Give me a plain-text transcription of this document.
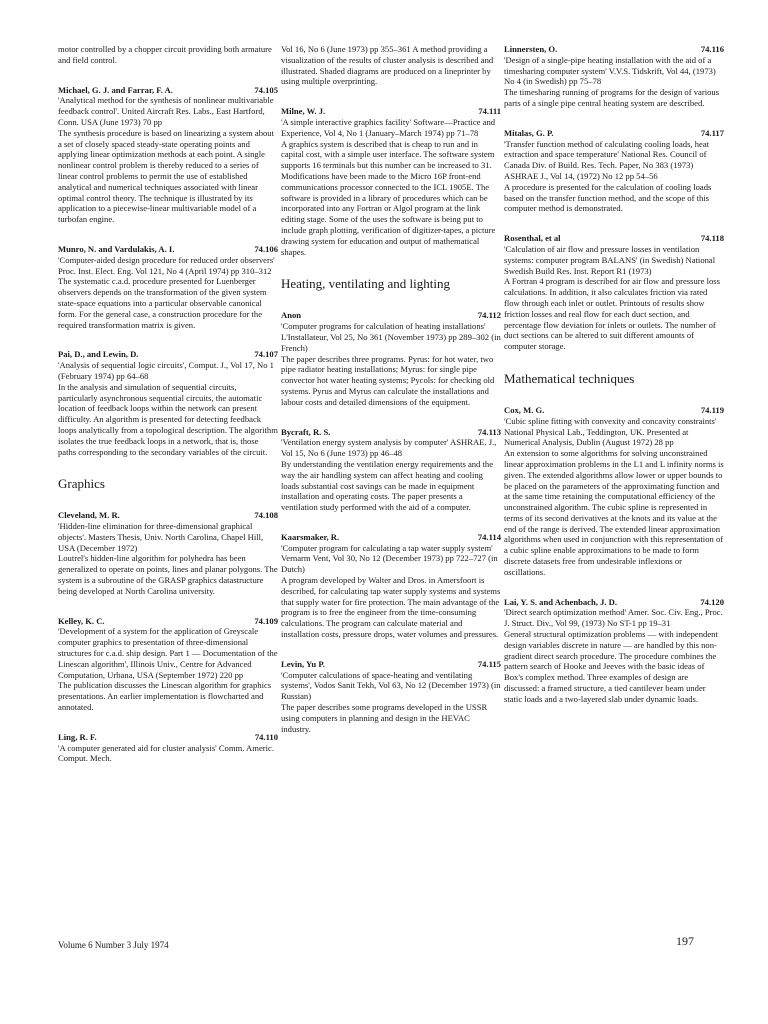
motor controlled by a chopper circuit providing both armature and field control.

Michael, G. J. and Farrar, F. A.	74.105

'Analytical method for the synthesis of nonlinear multivariable feedback control'. United Aircraft Res. Labs., East Hartford, Conn. USA (June 1973) 70 pp

The synthesis procedure is based on linearizing a system about a set of closely spaced steady-state operating points and applying linear optimization methods at each point. A single nonlinear control problem is thereby reduced to a series of linear control problems to permit the use of established analytical and numerical techniques associated with linear optimal control theory. The technique is illustrated by its application to a piecewise-linear multivariable model of a turbofan engine.

Munro, N. and Vardulakis, A. I.	74.106

'Computer-aided design procedure for reduced order observers' Proc. Inst. Elect. Eng. Vol 121, No 4 (April 1974) pp 310–312

The systematic c.a.d. procedure presented for Luenberger observers depends on the transformation of the given system state-space equations into a particular observable canonical form. For the general case, a construction procedure for the required transformation matrix is given.

Pai, D., and Lewin, D.	74.107

'Analysis of sequential logic circuits', Comput. J., Vol 17, No 1 (February 1974) pp 64–68

In the analysis and simulation of sequential circuits, particularly asynchronous sequential circuits, the automatic location of feedback loops within the network can present difficulty. An algorithm is presented for detecting feedback loops analytically from a topological description. The algorithm isolates the true feedback loops in a network, that is, those paths corresponding to the secondary variables of the circuit.

Graphics
Cleveland, M. R.	74.108

'Hidden-line elimination for three-dimensional graphical objects'. Masters Thesis, Univ. North Carolina, Chapel Hill, USA (December 1972)

Loutrel's hidden-line algorithm for polyhedra has been generalized to operate on points, lines and planar polygons. The system is a subroutine of the GRASP graphics datastructure being developed at North Carolina university.

Kelley, K. C.	74.109

'Development of a system for the application of Greyscale computer graphics to presentation of three-dimensional structures for c.a.d. ship design. Part 1 — Documentation of the Linescan algorithm', Illinois Univ., Centre for Advanced Computation, Urbana, USA (September 1972) 220 pp

The publication discusses the Linescan algorithm for graphics presentations. An earlier implementation is flowcharted and annotated.

Ling, R. F.	74.110

'A computer generated aid for cluster analysis' Comm. Americ. Comput. Mech.

Vol 16, No 6 (June 1973) pp 355–361 A method providing a visualization of the results of cluster analysis is described and illustrated. Shaded diagrams are produced on a lineprinter by using multiple overprinting.

Milne, W. J.	74.111

'A simple interactive graphics facility' Software—Practice and Experience, Vol 4, No 1 (January–March 1974) pp 71–78

A graphics system is described that is cheap to run and in capital cost, with a simple user interface. The software system supports 16 terminals but this number can be increased to 31. Modifications have been made to the Micro 16P front-end communications processor connected to the ICL 1905E. The software is provided in a library of procedures which can be incorporated into any Fortran or Algol program at the link editing stage. Some of the uses the software is being put to include graph plotting, verification of digitizer-tapes, a picture drawing system for education and output of mathematical shapes.

Heating, ventilating and lighting
Anon	74.112

'Computer programs for calculation of heating installations' L'Installateur, Vol 25, No 361 (November 1973) pp 289–302 (in French)

The paper describes three programs. Pyrus: for hot water, two pipe radiator heating installations; Myrus: for single pipe convector hot water heating systems; Pycols: for checking old systems. Pyrus and Myrus can calculate the installations and labour costs and detailed dimensions of the equipment.

Bycraft, R. S.	74.113

'Ventilation energy system analysis by computer' ASHRAE. J., Vol 15, No 6 (June 1973) pp 46–48

By understanding the ventilation energy requirements and the way the air handling system can affect heating and cooling loads substantial cost savings can be made in equipment installation and operating costs. The paper presents a ventilation study performed with the aid of a computer.

Kaarsmaker, R.	74.114

'Computer program for calculating a tap water supply system' Vernarm Vent, Vol 30, No 12 (December 1973) pp 722–727 (in Dutch)

A program developed by Walter and Dros. in Amersfoort is described, for calculating tap water supply systems and systems that supply water for fire protection. The main advantage of the program is to free the engineer from the time-consuming calculations. The program can calculate material and installation costs, pressure drops, water volumes and pressures.

Levin, Yu P.	74.115

'Computer calculations of space-heating and ventilating systems', Vodos Sanit Tekh, Vol 63, No 12 (December 1973) (in Russian)

The paper describes some programs developed in the USSR using computers in planning and design in the HEVAC industry.

Linnersten, O.	74.116

'Design of a single-pipe heating installation with the aid of a timesharing computer system' V.V.S. Tidskrift, Vol 44, (1973) No 4 (in Swedish) pp 75–78

The timesharing running of programs for the design of various parts of a single pipe central heating system are described.

Mitalas, G. P.	74.117

'Transfer function method of calculating cooling loads, heat extraction and space temperature' National Res. Council of Canada Div. of Build. Res. Tech. Paper, No 383 (1973) ASHRAE J., Vol 14, (1972) No 12 pp 54–56

A procedure is presented for the calculation of cooling loads based on the transfer function method, and the scope of this computer method is demonstrated.

Rosenthal, et al	74.118

'Calculation of air flow and pressure losses in ventilation systems: computer program BALANS' (in Swedish) National Swedish Build Res. Inst. Report R1 (1973)

A Fortran 4 program is described for air flow and pressure loss calculations. In addition, it also calculates friction via rated flow through each inlet or outlet. Printouts of results show friction losses and real flow for each duct section, and percentage flow deviation for inlets or outlets. The number of duct sections can be altered to suit different amounts of computer storage.

Mathematical techniques
Cox, M. G.	74.119

'Cubic spline fitting with convexity and concavity constraints' National Physical Lab., Teddington, UK. Presented at Numerical Analysis, Dublin (August 1972) 28 pp

An extension to some algorithms for solving unconstrained linear approximation problems in the L1 and L infinity norms is given. The extended algorithms allow lower or upper bounds to be placed on the parameters of the approximating function and at the same time retaining the computational efficiency of the unconstrained algorithm. The cubic spline is represented in terms of its second derivatives at the knots and its value at the end of the range is derived. The extended linear approximation algorithms when used in conjunction with this representation of a cubic spline enable approximations to be made to form discrete datasets free from undesirable inflexions or oscillations.

Lai, Y. S. and Achenbach, J. D.	74.120

'Direct search optimization method' Amer. Soc. Civ. Eng., Proc. J. Struct. Div., Vol 99, (1973) No ST-1 pp 19–31

General structural optimization problems — with independent design variables discrete in nature — are handled by this non-gradient direct search procedure. The procedure combines the pattern search of Hooke and Jeeves with the basic ideas of Box's complex method. Three examples of design are discussed: a framed structure, a tied cantilever beam under static loads and a two-layered slab under dynamic loads.

Volume 6 Number 3 July 1974	197
